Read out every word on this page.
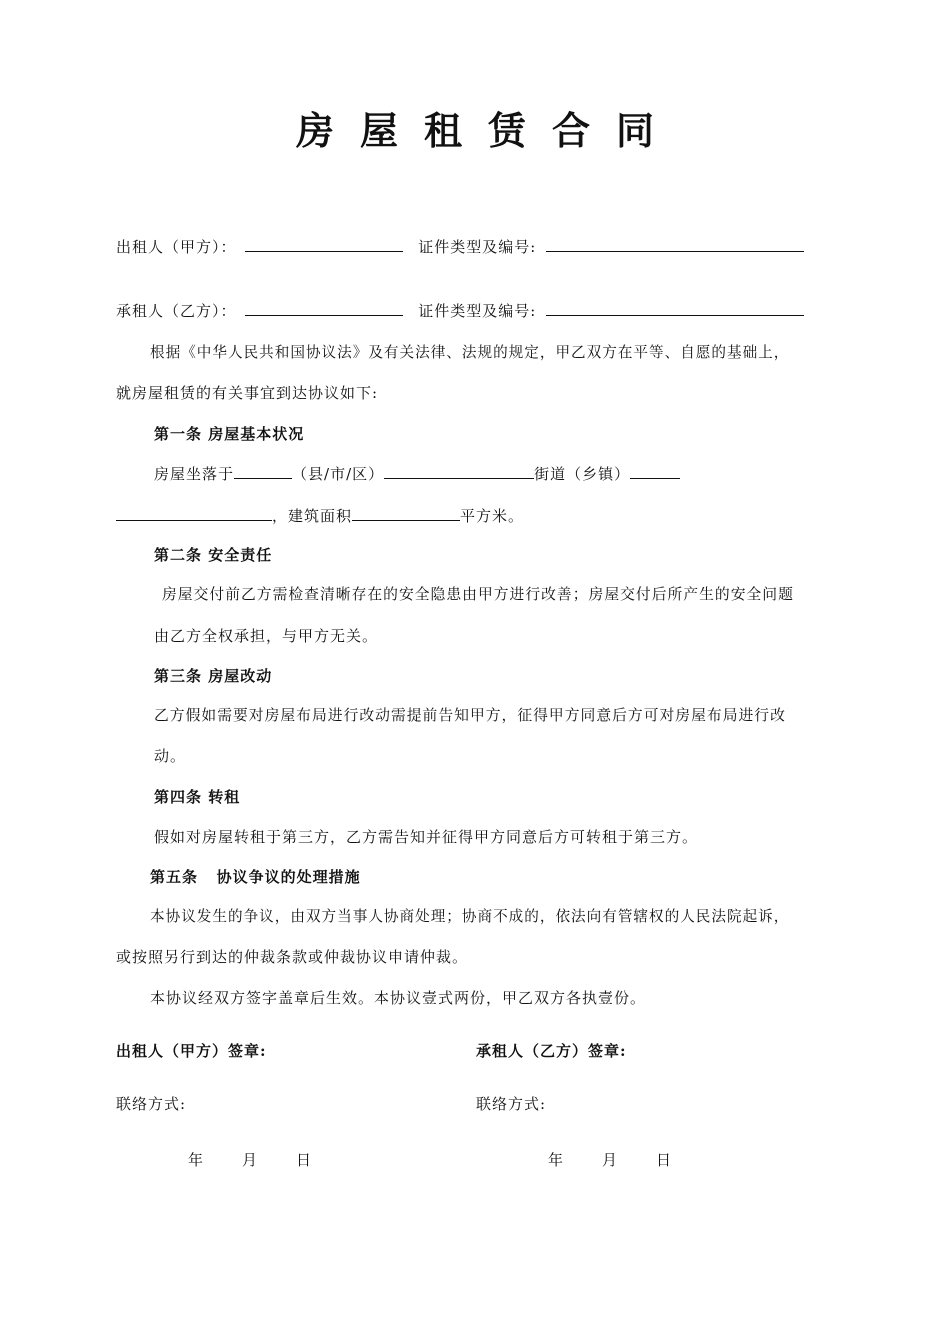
房屋租赁合同
出租人（甲方）：	证件类型及编号:
承租人（乙方）：	证件类型及编号:
根据《中华人民共和国协议法》及有关法律、法规的规定，甲乙双方在平等、自愿的基础上，
就房屋租赁的有关事宜到达协议如下:
第一条 房屋基本状况
房屋坐落于	（县/市/区）	街道（乡镇）
，建筑面积	平方米。
第二条 安全责任
房屋交付前乙方需检查清晰存在的安全隐患由甲方进行改善；房屋交付后所产生的安全问题
由乙方全权承担，与甲方无关。
第三条 房屋改动
乙方假如需要对房屋布局进行改动需提前告知甲方，征得甲方同意后方可对房屋布局进行改
动。
第四条 转租
假如对房屋转租于第三方，乙方需告知并征得甲方同意后方可转租于第三方。
第五条   协议争议的处理措施
本协议发生的争议，由双方当事人协商处理；协商不成的，依法向有管辖权的人民法院起诉，
或按照另行到达的仲裁条款或仲裁协议申请仲裁。
本协议经双方签字盖章后生效。本协议壹式两份，甲乙双方各执壹份。
出租人（甲方）签章:	承租人（乙方）签章:
联络方式:	联络方式:
年	月	日	年	月	日
